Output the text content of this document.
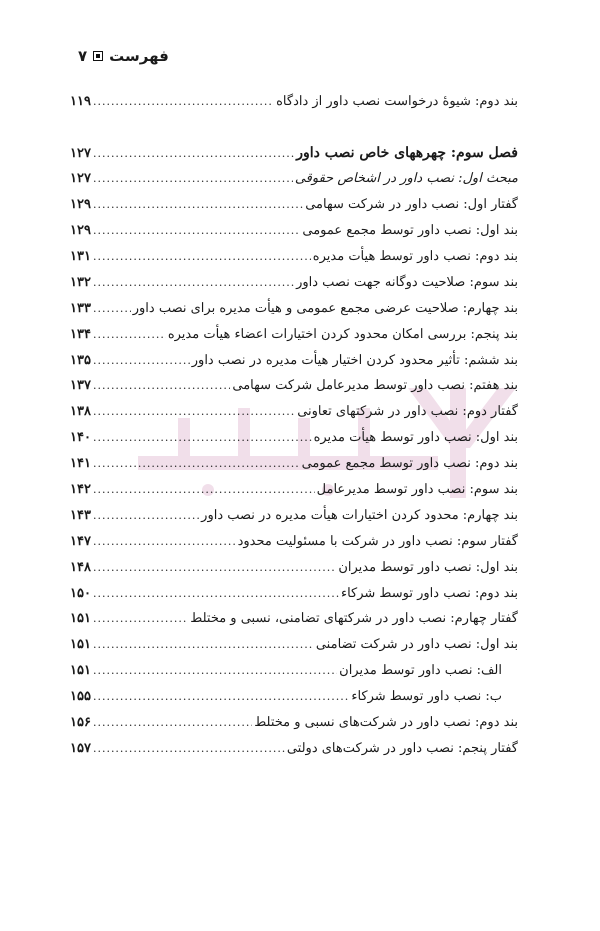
فهرست
۷
بند دوم: شیوهٔ درخواست نصب داور از دادگاه
.....
۱۱۹
فصل سوم: چهرههای خاص نصب داور
.....
۱۲۷
مبحث اول: نصب داور در اشخاص حقوقی
.....
۱۲۷
گفتار اول: نصب داور در شرکت سهامی
.....
۱۲۹
بند اول: نصب داور توسط مجمع عمومی
.....
۱۲۹
بند دوم: نصب داور توسط هیأت مدیره
.....
۱۳۱
بند سوم: صلاحیت دوگانه جهت نصب داور
.....
۱۳۲
بند چهارم: صلاحیت عرضی مجمع عمومی و هیأت مدیره برای نصب داور
.....
۱۳۳
بند پنجم: بررسی امکان محدود کردن اختیارات اعضاء هیأت مدیره
.....
۱۳۴
بند ششم: تأثیر محدود کردن اختیار هیأت مدیره در نصب داور
.....
۱۳۵
بند هفتم: نصب داور توسط مدیرعامل شرکت سهامی
.....
۱۳۷
گفتار دوم: نصب داور در شرکتهای تعاونی
.....
۱۳۸
بند اول: نصب داور توسط هیأت مدیره
.....
۱۴۰
بند دوم: نصب داور توسط مجمع عمومی
.....
۱۴۱
بند سوم: نصب داور توسط مدیرعامل
.....
۱۴۲
بند چهارم: محدود کردن اختیارات هیأت مدیره در نصب داور
.....
۱۴۳
گفتار سوم: نصب داور در شرکت با مسئولیت محدود
.....
۱۴۷
بند اول: نصب داور توسط مدیران
.....
۱۴۸
بند دوم: نصب داور توسط شرکاء
.....
۱۵۰
گفتار چهارم: نصب داور در شرکتهای تضامنی، نسبی و مختلط
.....
۱۵۱
بند اول: نصب داور در شرکت تضامنی
.....
۱۵۱
الف: نصب داور توسط مدیران
.....
۱۵۱
ب: نصب داور توسط شرکاء
.....
۱۵۵
بند دوم: نصب داور در شرکت‌های نسبی و مختلط
.....
۱۵۶
گفتار پنجم: نصب داور در شرکت‌های دولتی
.....
۱۵۷
